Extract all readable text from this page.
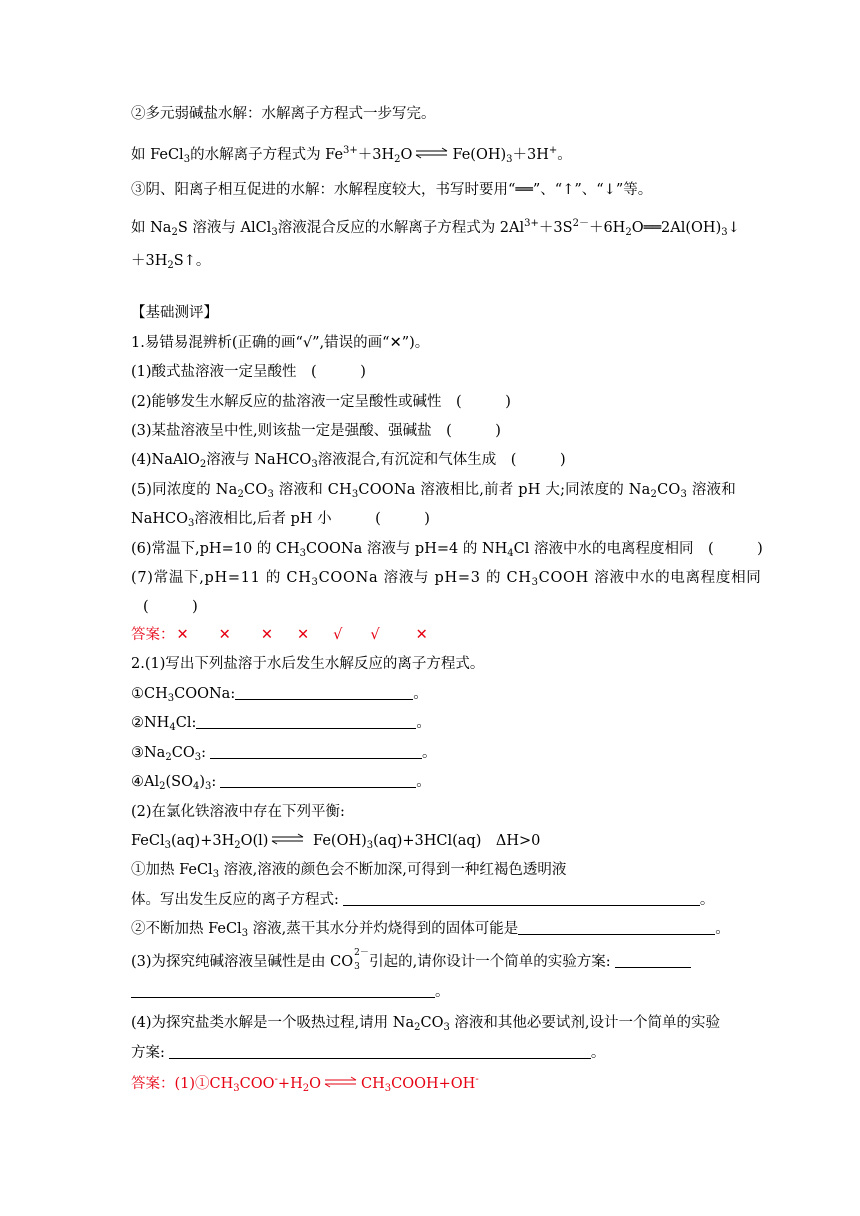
②多元弱碱盐水解：水解离子方程式一步写完。
如 FeCl$_3$的水解离子方程式为 $Fe^{3+}+3H_2O$ ⇌ $Fe(OH)_3+3H^+$。
③阴、阳离子相互促进的水解：水解程度较大，书写时要用“══”、“↑”、“↓”等。
如 $Na_2S$ 溶液与 AlCl$_3$溶液混合反应的水解离子方程式为 $2Al^{3+}+3S^{2-}+6H_2O══2Al(OH)_3↓$
$+3H_2S↑$。
【基础测评】
1.易错易混辨析(正确的画“√”,错误的画“✕”)。
(1)酸式盐溶液一定呈酸性　(　　　)
(2)能够发生水解反应的盐溶液一定呈酸性或碱性　(　　　)
(3)某盐溶液呈中性,则该盐一定是强酸、强碱盐　(　　　)
(4)NaAlO$_2$溶液与 NaHCO$_3$溶液混合,有沉淀和气体生成　(　　　)
(5)同浓度的 $Na_2CO_3$ 溶液和 $CH_3COONa$ 溶液相比,前者 pH 大;同浓度的 $Na_2CO_3$ 溶液和
NaHCO$_3$溶液相比,后者 pH 小　　　(　　　)
(6)常温下,pH=10 的 $CH_3COONa$ 溶液与 pH=4 的 $NH_4Cl$ 溶液中水的电离程度相同　(　　　)
(7)常温下,pH=11 的 $CH_3COONa$ 溶液与 pH=3 的 $CH_3COOH$ 溶液中水的电离程度相同
(　　　)
答案： ✕ ✕ ✕ ✕ √ √ ✕
2.(1)写出下列盐溶于水后发生水解反应的离子方程式。
$①CH_3COONa$:	。
$②NH_4Cl$:	。
$③Na_2CO_3$:	。
$④Al_2(SO_4)_3$:	。
(2)在氯化铁溶液中存在下列平衡:
$FeCl_3(aq)+3H_2O(l)$ ⇌ $Fe(OH)_3(aq)+3HCl(aq)$　ΔH>0
①加热 FeCl$_3$ 溶液,溶液的颜色会不断加深,可得到一种红褐色透明液
体。写出发生反应的离子方程式:	。
②不断加热 FeCl$_3$ 溶液,蒸干其水分并灼烧得到的固体可能是	。
(3)为探究纯碱溶液呈碱性是由 CO
2－
3 引起的,请你设计一个简单的实验方案:
。
(4)为探究盐类水解是一个吸热过程,请用 $Na_2CO_3$ 溶液和其他必要试剂,设计一个简单的实验
方案:	。
答案：$(1)①CH_3COO^-+H_2O$ ⇌ $CH_3COOH+OH^-$
